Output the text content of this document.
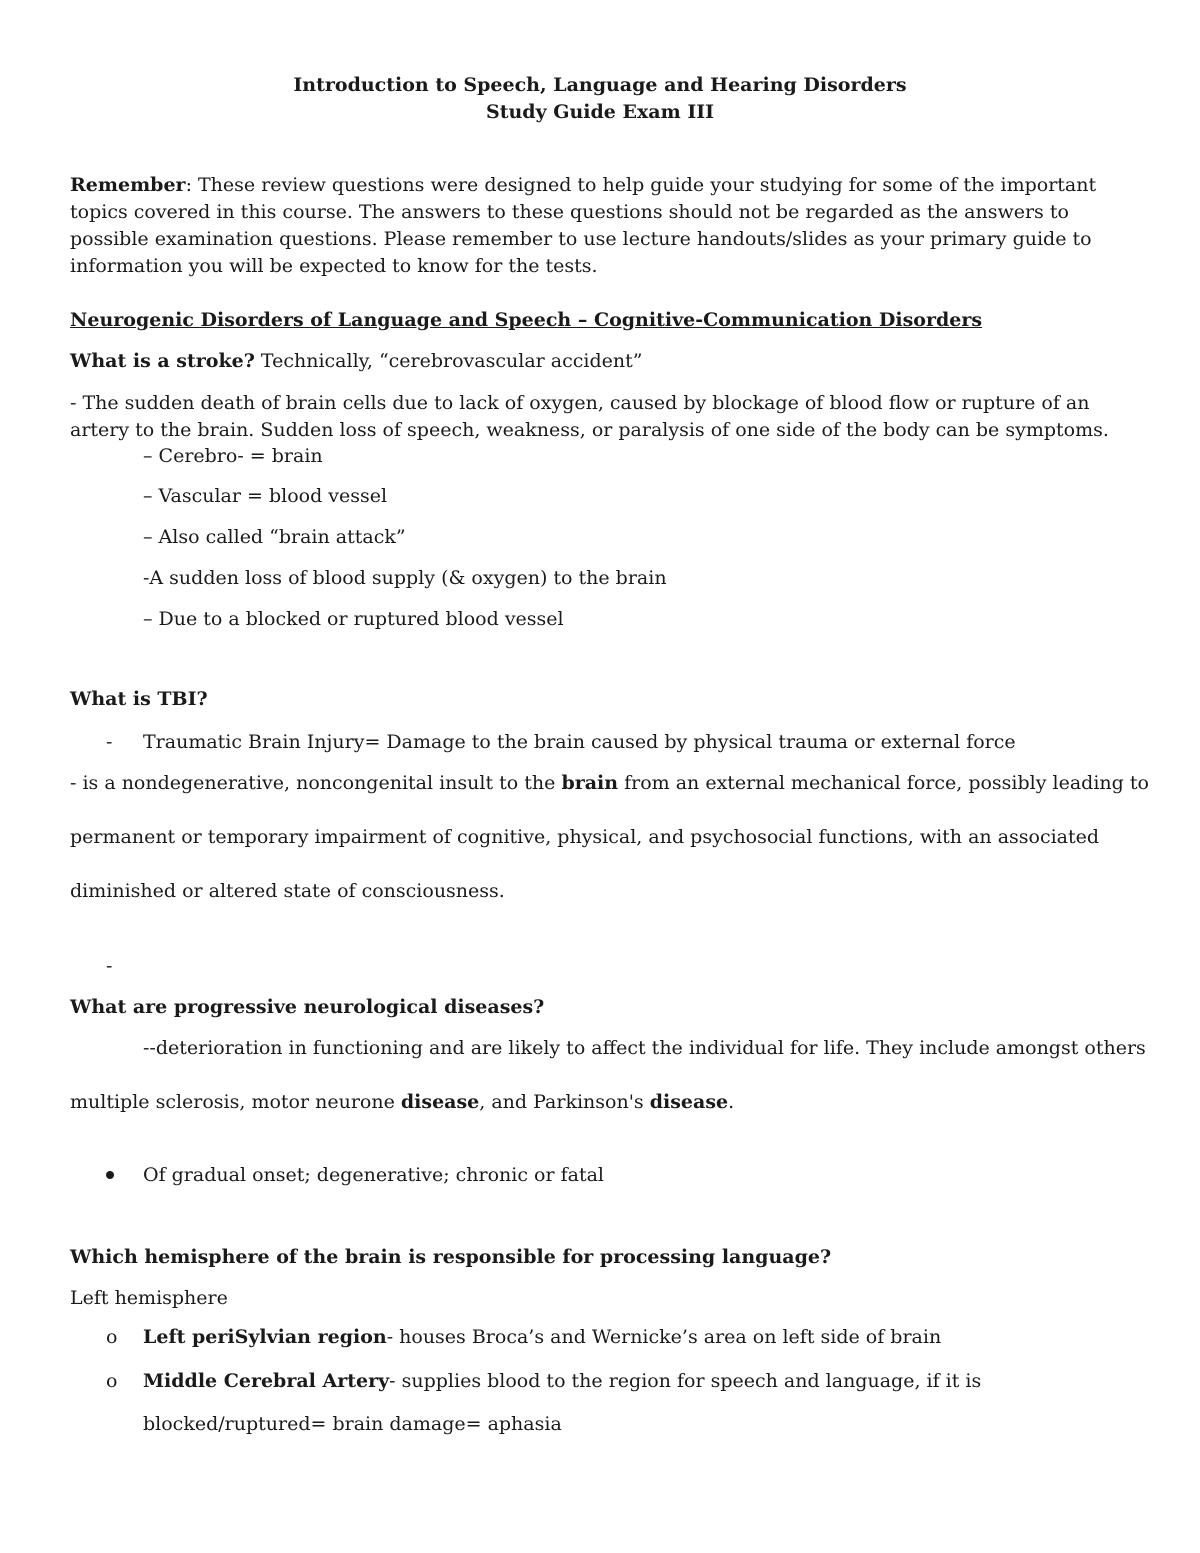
Introduction to Speech, Language and Hearing Disorders
Study Guide Exam III
Remember: These review questions were designed to help guide your studying for some of the important topics covered in this course. The answers to these questions should not be regarded as the answers to possible examination questions. Please remember to use lecture handouts/slides as your primary guide to information you will be expected to know for the tests.
Neurogenic Disorders of Language and Speech – Cognitive-Communication Disorders
What is a stroke? Technically, “cerebrovascular accident”
- The sudden death of brain cells due to lack of oxygen, caused by blockage of blood flow or rupture of an artery to the brain. Sudden loss of speech, weakness, or paralysis of one side of the body can be symptoms.
– Cerebro- = brain
– Vascular = blood vessel
– Also called “brain attack”
-A sudden loss of blood supply (& oxygen) to the brain
– Due to a blocked or ruptured blood vessel
What is TBI?
- Traumatic Brain Injury= Damage to the brain caused by physical trauma or external force
- is a nondegenerative, noncongenital insult to the brain from an external mechanical force, possibly leading to
permanent or temporary impairment of cognitive, physical, and psychosocial functions, with an associated
diminished or altered state of consciousness.
-
What are progressive neurological diseases?
--deterioration in functioning and are likely to affect the individual for life. They include amongst others
multiple sclerosis, motor neurone disease, and Parkinson's disease.
Of gradual onset; degenerative; chronic or fatal
Which hemisphere of the brain is responsible for processing language?
Left hemisphere
o Left periSylvian region- houses Broca’s and Wernicke’s area on left side of brain
o Middle Cerebral Artery- supplies blood to the region for speech and language, if it is
blocked/ruptured= brain damage= aphasia
